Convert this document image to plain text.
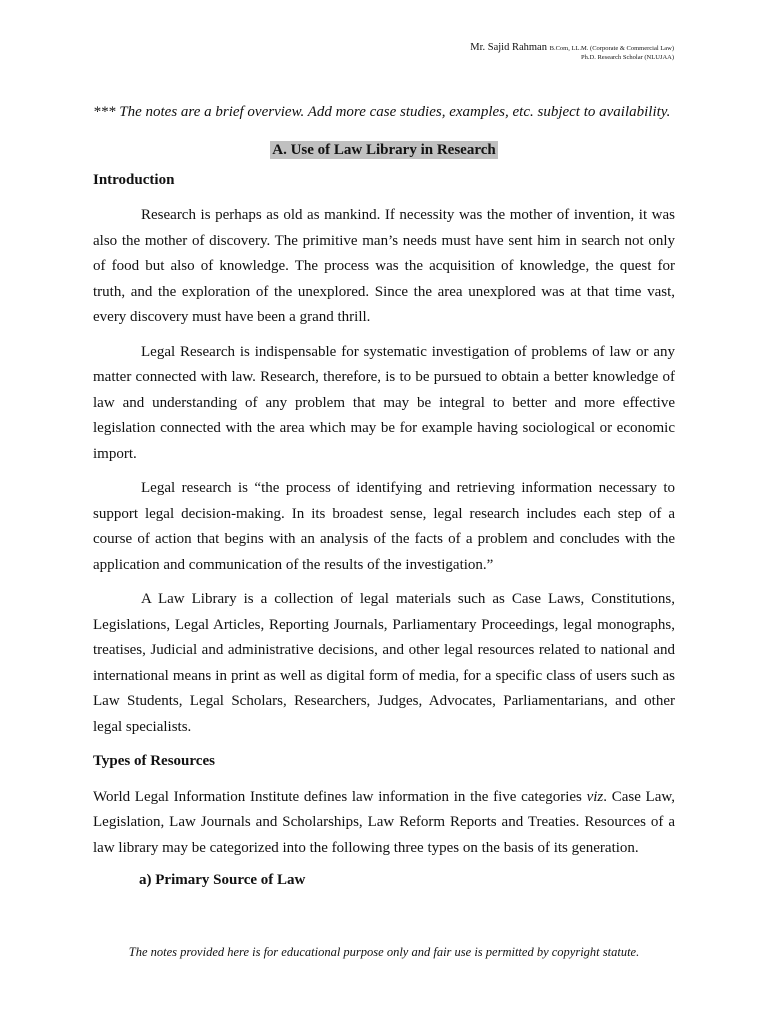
Mr. Sajid Rahman B.Com, LL.M. (Corporate & Commercial Law)
Ph.D. Research Scholar (NLUJAA)

*** The notes are a brief overview. Add more case studies, examples, etc. subject to availability.

A. Use of Law Library in Research
Introduction

Research is perhaps as old as mankind. If necessity was the mother of invention, it was also the mother of discovery. The primitive man’s needs must have sent him in search not only of food but also of knowledge. The process was the acquisition of knowledge, the quest for truth, and the exploration of the unexplored. Since the area unexplored was at that time vast, every discovery must have been a grand thrill.

Legal Research is indispensable for systematic investigation of problems of law or any matter connected with law. Research, therefore, is to be pursued to obtain a better knowledge of law and understanding of any problem that may be integral to better and more effective legislation connected with the area which may be for example having sociological or economic import.

Legal research is “the process of identifying and retrieving information necessary to support legal decision-making. In its broadest sense, legal research includes each step of a course of action that begins with an analysis of the facts of a problem and concludes with the application and communication of the results of the investigation.”

A Law Library is a collection of legal materials such as Case Laws, Constitutions, Legislations, Legal Articles, Reporting Journals, Parliamentary Proceedings, legal monographs, treatises, Judicial and administrative decisions, and other legal resources related to national and international means in print as well as digital form of media, for a specific class of users such as Law Students, Legal Scholars, Researchers, Judges, Advocates, Parliamentarians, and other legal specialists.

Types of Resources

World Legal Information Institute defines law information in the five categories viz. Case Law, Legislation, Law Journals and Scholarships, Law Reform Reports and Treaties. Resources of a law library may be categorized into the following three types on the basis of its generation.

a) Primary Source of Law
The notes provided here is for educational purpose only and fair use is permitted by copyright statute.
